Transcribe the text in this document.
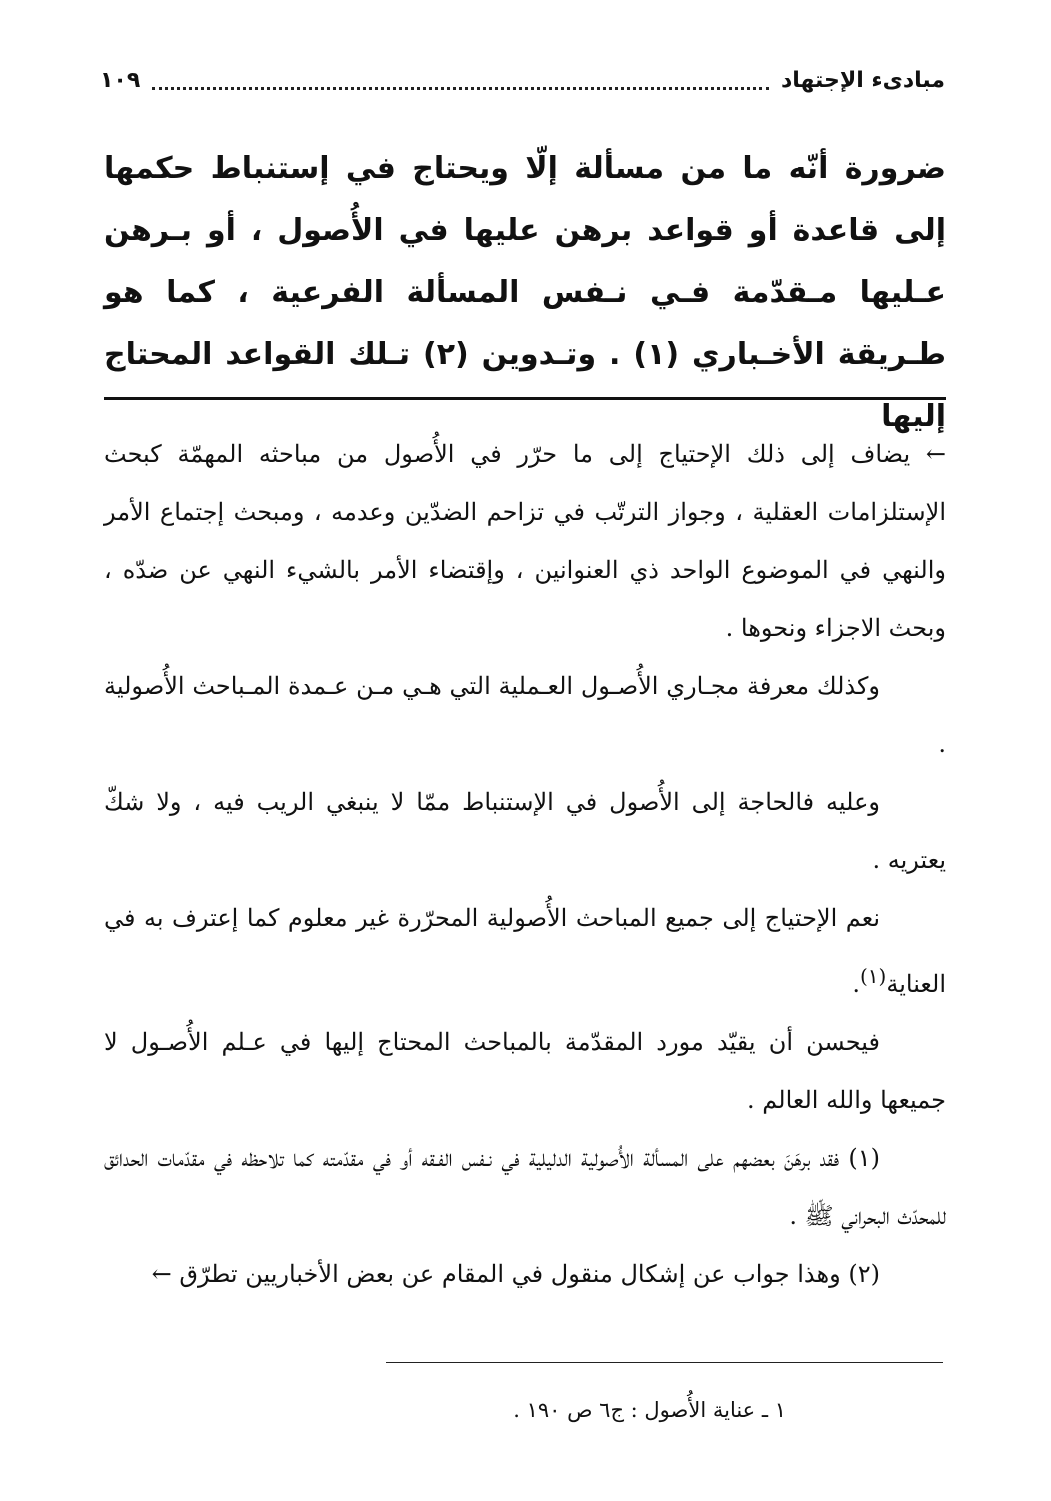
مبادىء الإجتهاد
١٠٩
ضرورة أنّه ما من مسألة إلّا ويحتاج في إستنباط حكمها إلى قاعدة أو قواعد برهن عليها في الأُصول ، أو بـرهن عـليها مـقدّمة فـي نـفس المسألة الفرعية ، كما هو طـريقة الأخـباري (١) . وتـدوين (٢) تـلك القواعد المحتاج إليها

← يضاف إلى ذلك الإحتياج إلى ما حرّر في الأُصول من مباحثه المهمّة كبحث الإستلزامات العقلية ، وجواز الترتّب في تزاحم الضدّين وعدمه ، ومبحث إجتماع الأمر والنهي في الموضوع الواحد ذي العنوانين ، وإقتضاء الأمر بالشيء النهي عن ضدّه ، وبحث الاجزاء ونحوها .

وكذلك معرفة مجـاري الأُصـول العـملية التي هـي مـن عـمدة المـباحث الأُصولية .

وعليه فالحاجة إلى الأُصول في الإستنباط ممّا لا ينبغي الريب فيه ، ولا شكّ يعتريه .

نعم الإحتياج إلى جميع المباحث الأُصولية المحرّرة غير معلوم كما إعترف به في العناية$^{(١)}$.

فيحسن أن يقيّد مورد المقدّمة بالمباحث المحتاج إليها في عـلم الأُصـول لا جميعها والله العالم .

(١) فقد برهَنَ بعضهم على المسألة الأُصولية الدليلية في نـفس الفـقه أو في مقدّمته كما تلاحظه في مقدّمات الحدائق للمحدّث البحراني ﷺ .

(٢) وهذا جواب عن إشكال منقول في المقام عن بعض الأخباريين تطرّق ←

١ ـ عناية الأُصول : ج٦ ص ١٩٠ .
